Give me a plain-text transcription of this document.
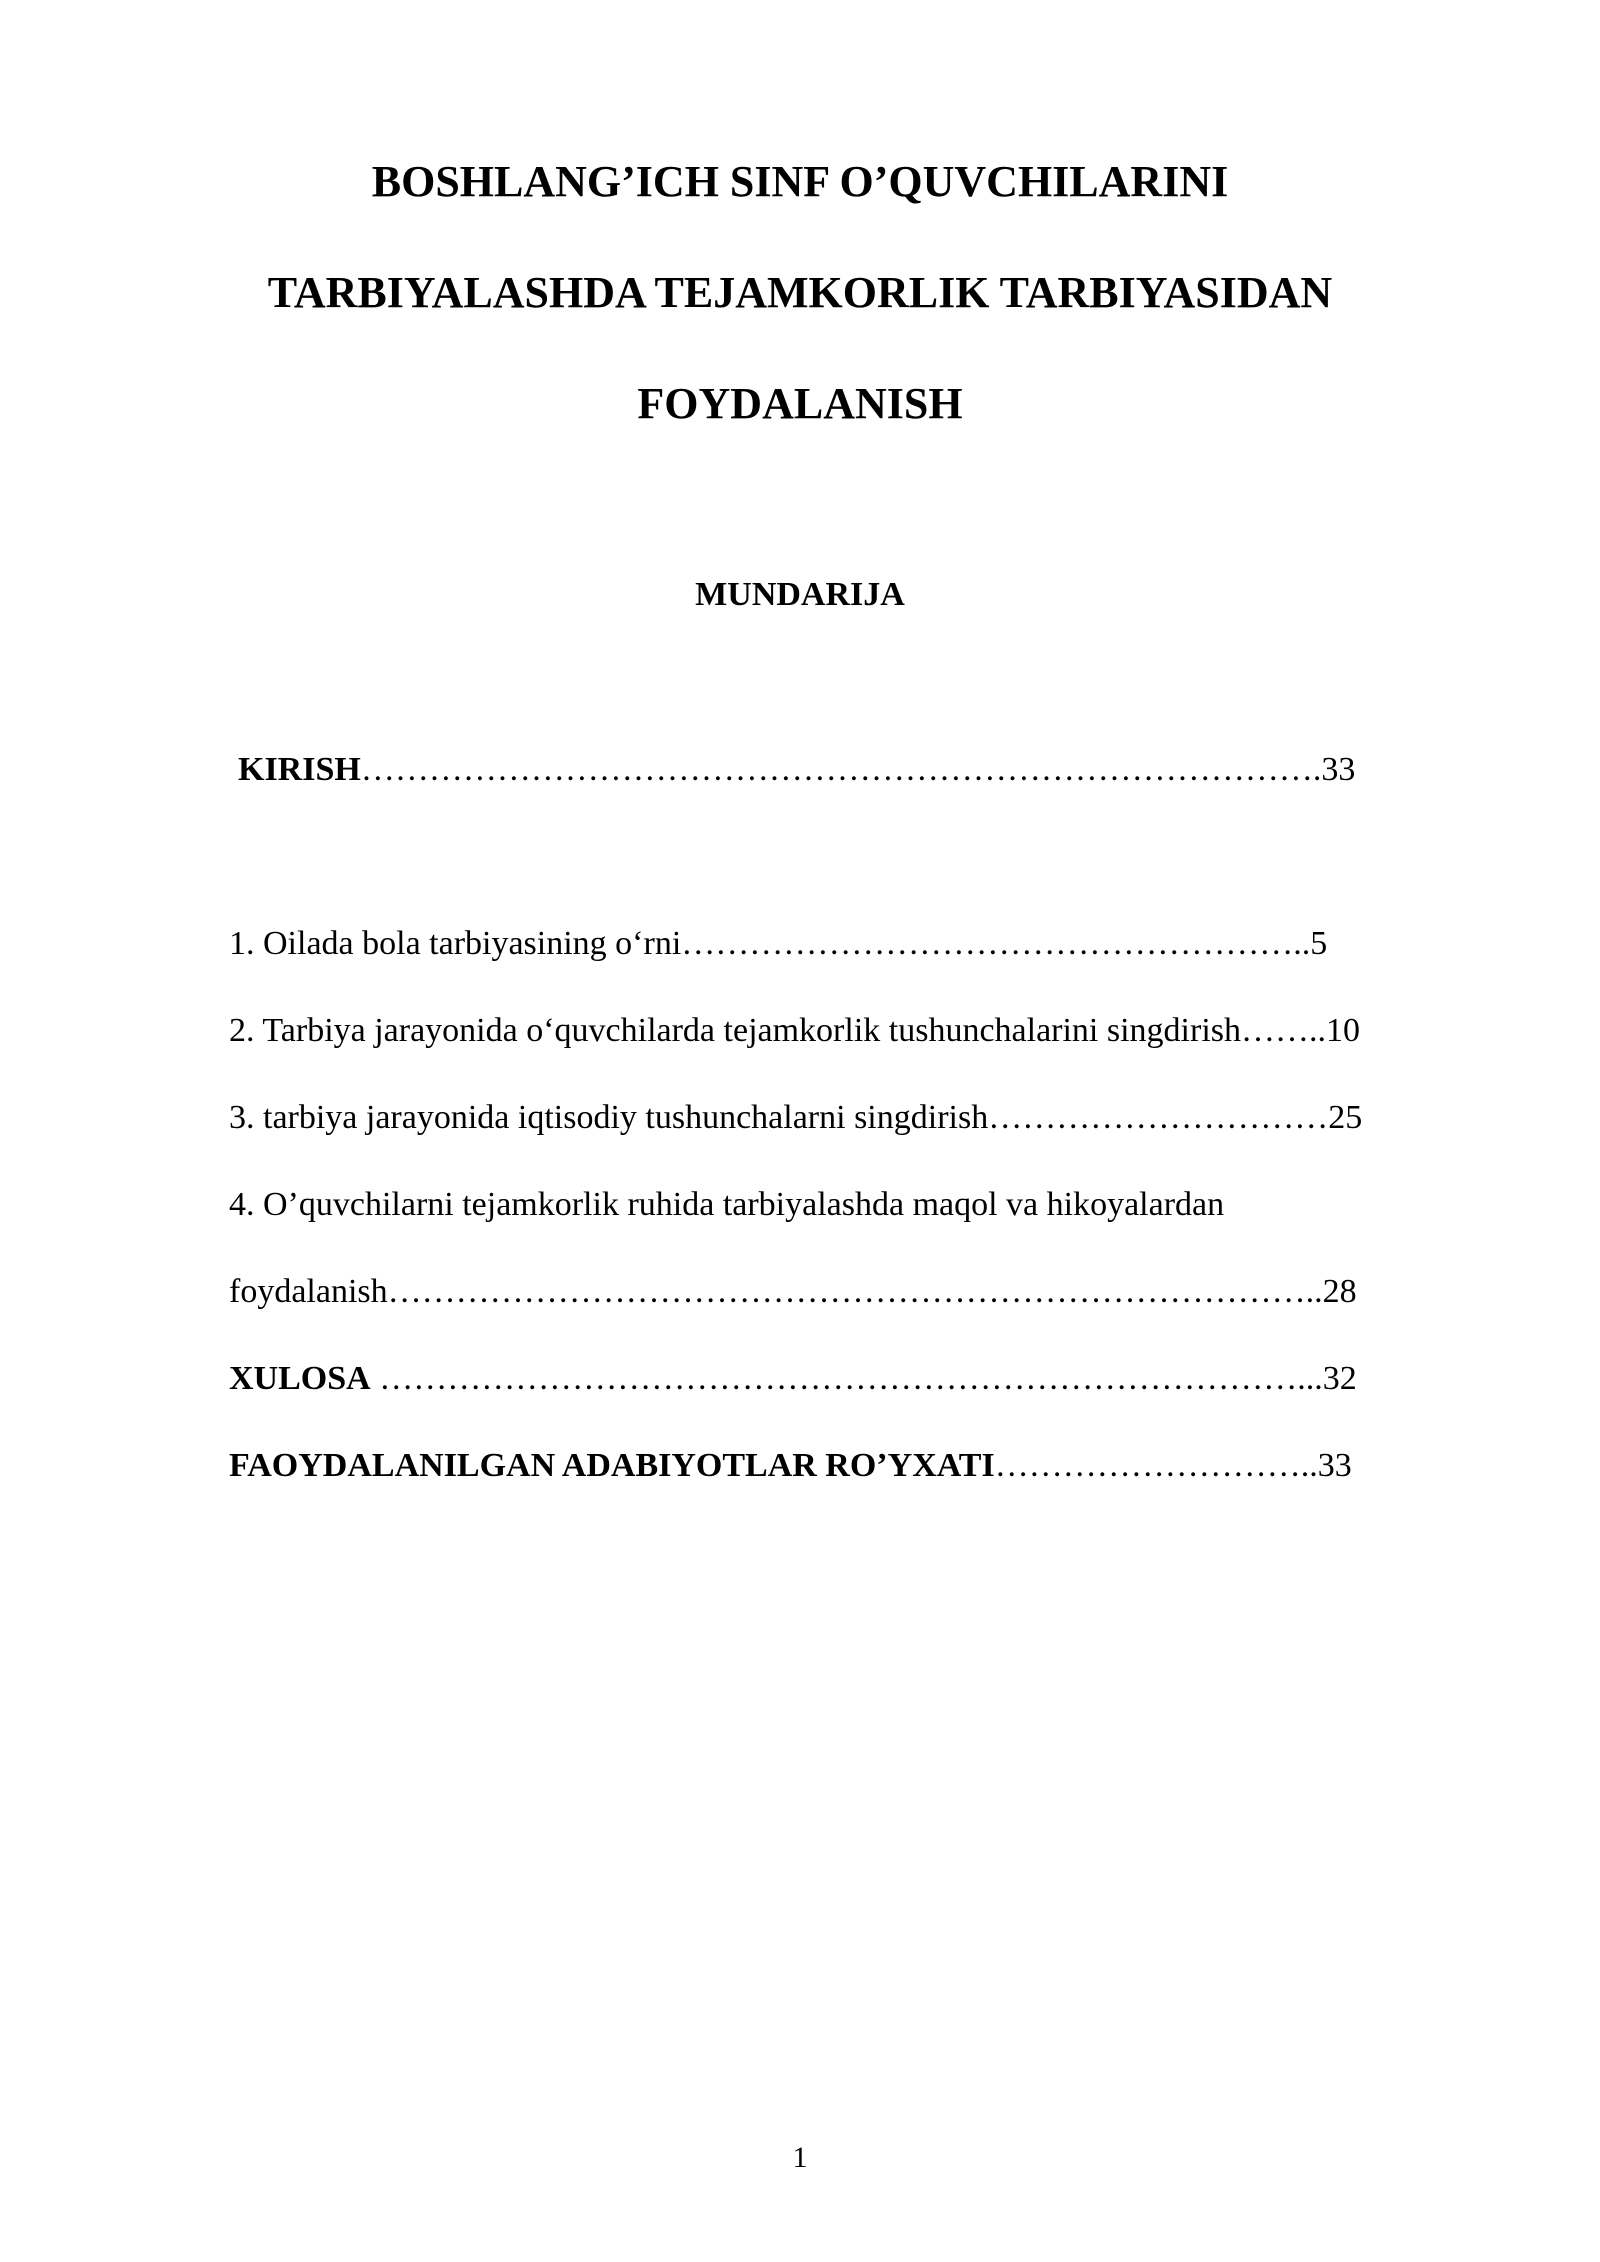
BOSHLANG’ICH SINF O’QUVCHILARINI
TARBIYALASHDA TEJAMKORLIK TARBIYASIDAN
FOYDALANISH
MUNDARIJA
KIRISH………………………………………………………………………….33
1. Oilada bola tarbiyasining o‘rni………………………………………………..5
2. Tarbiya jarayonida o‘quvchilarda tejamkorlik tushunchalarini singdirish……..10
3. tarbiya jarayonida iqtisodiy tushunchalarni singdirish…………………………25
4. O’quvchilarni tejamkorlik ruhida tarbiyalashda maqol va hikoyalardan
foydalanish………………………………………………………………………..28
XULOSA ………………………………………………………………………...32
FAOYDALANILGAN ADABIYOTLAR RO’YXATI………………………..33
1
